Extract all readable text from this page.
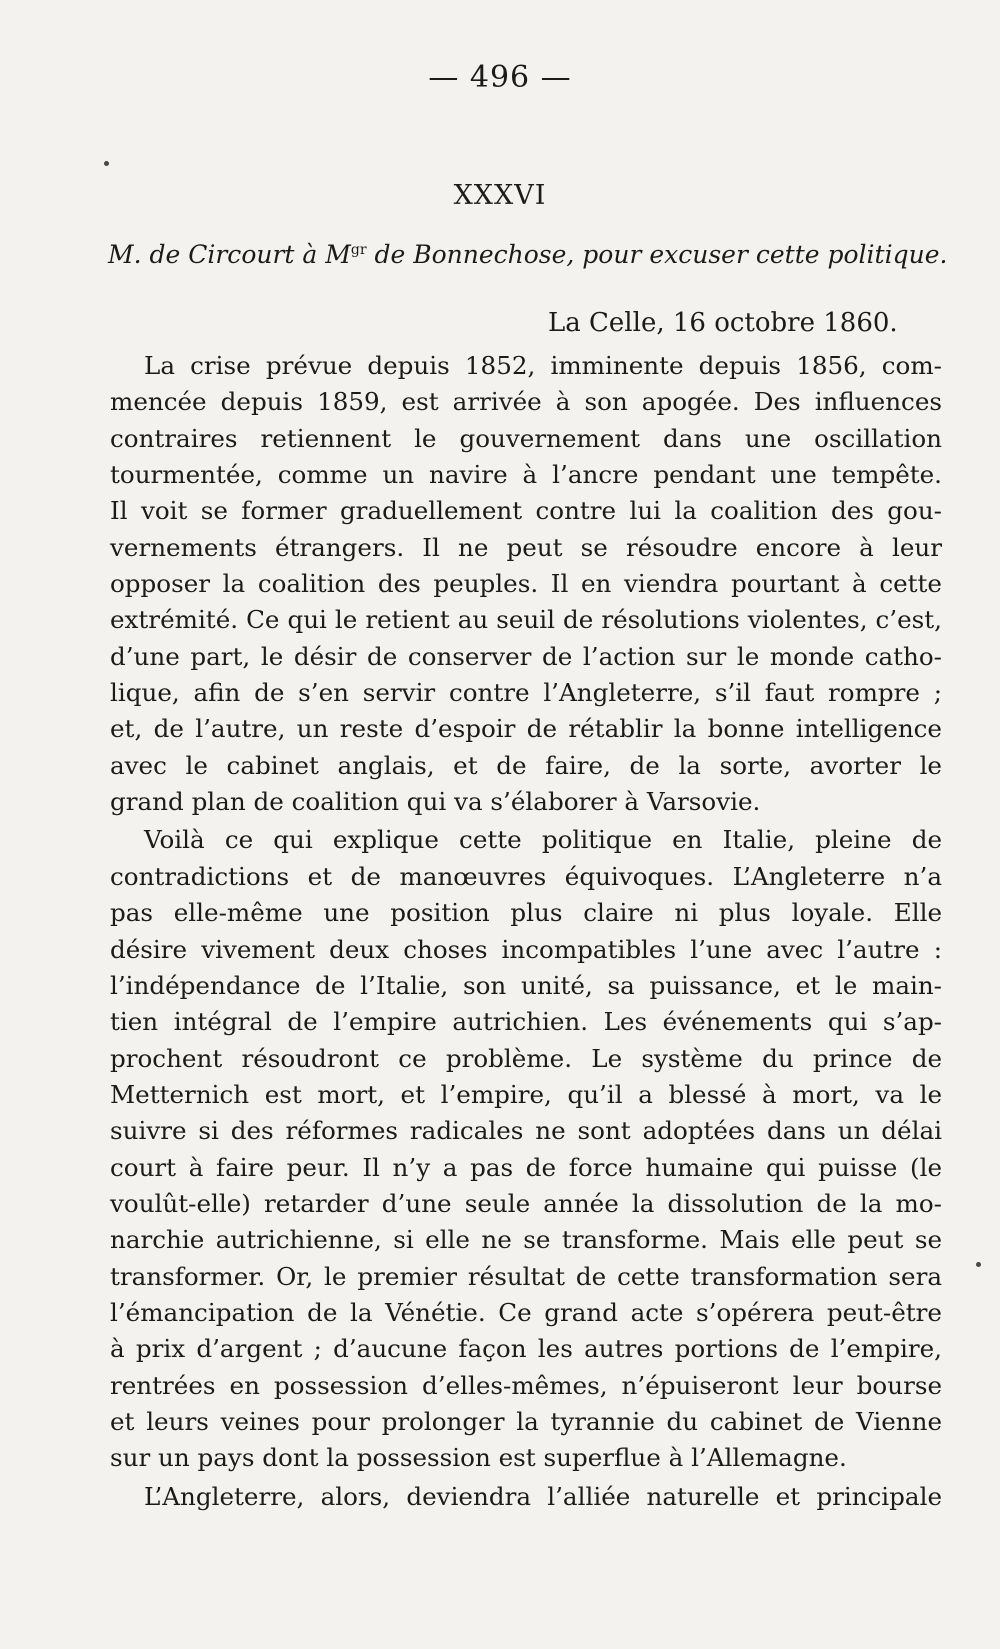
— 496 —
XXXVI
M. de Circourt à $M^{gr}$ de Bonnechose, pour excuser cette politique.
La Celle, 16 octobre 1860.
La crise prévue depuis 1852, imminente depuis 1856, com-
mencée depuis 1859, est arrivée à son apogée. Des influences
contraires retiennent le gouvernement dans une oscillation
tourmentée, comme un navire à l’ancre pendant une tempête.
Il voit se former graduellement contre lui la coalition des gou-
vernements étrangers. Il ne peut se résoudre encore à leur
opposer la coalition des peuples. Il en viendra pourtant à cette
extrémité. Ce qui le retient au seuil de résolutions violentes, c’est,
d’une part, le désir de conserver de l’action sur le monde catho-
lique, afin de s’en servir contre l’Angleterre, s’il faut rompre ;
et, de l’autre, un reste d’espoir de rétablir la bonne intelligence
avec le cabinet anglais, et de faire, de la sorte, avorter le
grand plan de coalition qui va s’élaborer à Varsovie.
Voilà ce qui explique cette politique en Italie, pleine de
contradictions et de manœuvres équivoques. L’Angleterre n’a
pas elle-même une position plus claire ni plus loyale. Elle
désire vivement deux choses incompatibles l’une avec l’autre :
l’indépendance de l’Italie, son unité, sa puissance, et le main-
tien intégral de l’empire autrichien. Les événements qui s’ap-
prochent résoudront ce problème. Le système du prince de
Metternich est mort, et l’empire, qu’il a blessé à mort, va le
suivre si des réformes radicales ne sont adoptées dans un délai
court à faire peur. Il n’y a pas de force humaine qui puisse (le
voulût-elle) retarder d’une seule année la dissolution de la mo-
narchie autrichienne, si elle ne se transforme. Mais elle peut se
transformer. Or, le premier résultat de cette transformation sera
l’émancipation de la Vénétie. Ce grand acte s’opérera peut-être
à prix d’argent ; d’aucune façon les autres portions de l’empire,
rentrées en possession d’elles-mêmes, n’épuiseront leur bourse
et leurs veines pour prolonger la tyrannie du cabinet de Vienne
sur un pays dont la possession est superflue à l’Allemagne.
L’Angleterre, alors, deviendra l’alliée naturelle et principale
